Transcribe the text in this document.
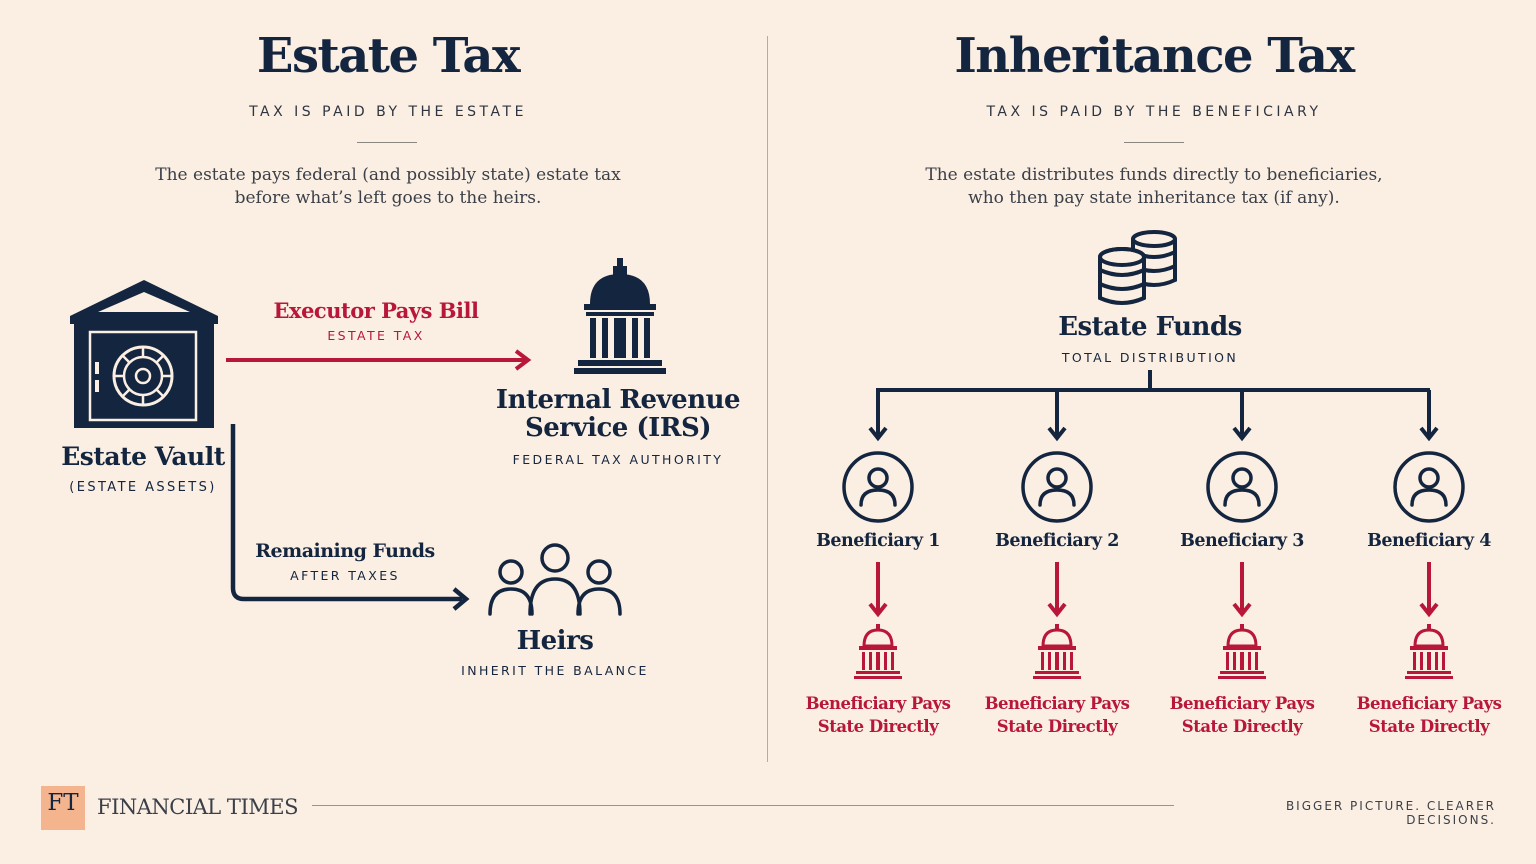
Estate Tax
TAX IS PAID BY THE ESTATE
The estate pays federal (and possibly state) estate tax
before what’s left goes to the heirs.
Estate Vault
(ESTATE ASSETS)
Executor Pays Bill
ESTATE TAX
Internal Revenue
Service (IRS)
FEDERAL TAX AUTHORITY
Remaining Funds
AFTER TAXES
Heirs
INHERIT THE BALANCE
Inheritance Tax
TAX IS PAID BY THE BENEFICIARY
The estate distributes funds directly to beneficiaries,
who then pay state inheritance tax (if any).
Estate Funds
TOTAL DISTRIBUTION
Beneficiary 1
Beneficiary Pays
State Directly
Beneficiary 2
Beneficiary Pays
State Directly
Beneficiary 3
Beneficiary Pays
State Directly
Beneficiary 4
Beneficiary Pays
State Directly
FT FINANCIAL TIMES	BIGGER PICTURE. CLEARER DECISIONS.
